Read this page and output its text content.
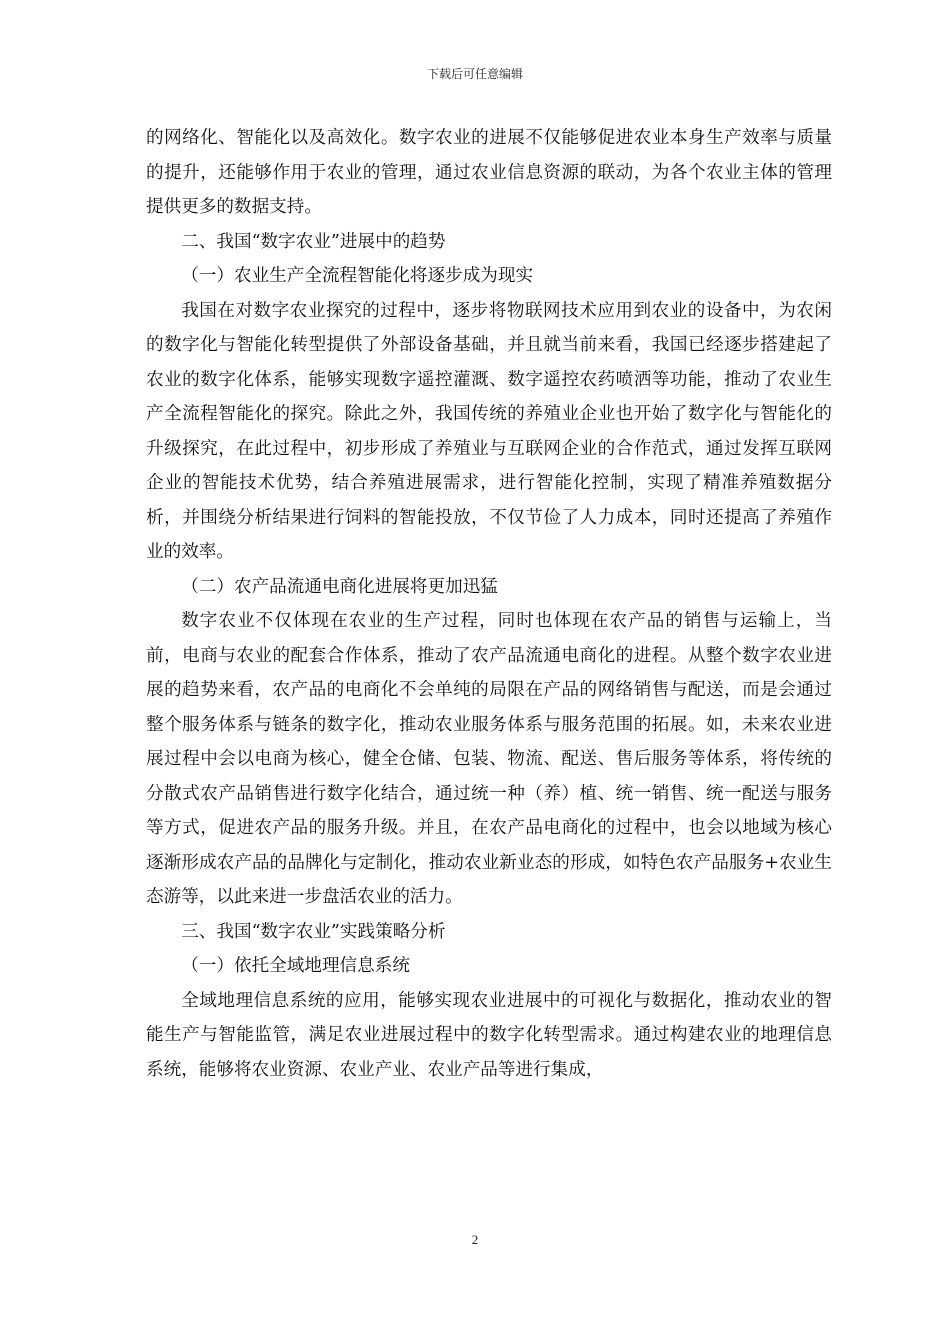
下载后可任意编辑

的网络化、智能化以及高效化。数字农业的进展不仅能够促进农业本身生产效率与质量的提升，还能够作用于农业的管理，通过农业信息资源的联动，为各个农业主体的管理提供更多的数据支持。

二、我国“数字农业”进展中的趋势

（一）农业生产全流程智能化将逐步成为现实

我国在对数字农业探究的过程中，逐步将物联网技术应用到农业的设备中，为农闲的数字化与智能化转型提供了外部设备基础，并且就当前来看，我国已经逐步搭建起了农业的数字化体系，能够实现数字遥控灌溉、数字遥控农药喷洒等功能，推动了农业生产全流程智能化的探究。除此之外，我国传统的养殖业企业也开始了数字化与智能化的升级探究，在此过程中，初步形成了养殖业与互联网企业的合作范式，通过发挥互联网企业的智能技术优势，结合养殖进展需求，进行智能化控制，实现了精准养殖数据分析，并围绕分析结果进行饲料的智能投放，不仅节俭了人力成本，同时还提高了养殖作业的效率。

（二）农产品流通电商化进展将更加迅猛

数字农业不仅体现在农业的生产过程，同时也体现在农产品的销售与运输上，当前，电商与农业的配套合作体系，推动了农产品流通电商化的进程。从整个数字农业进展的趋势来看，农产品的电商化不会单纯的局限在产品的网络销售与配送，而是会通过整个服务体系与链条的数字化，推动农业服务体系与服务范围的拓展。如，未来农业进展过程中会以电商为核心，健全仓储、包装、物流、配送、售后服务等体系，将传统的分散式农产品销售进行数字化结合，通过统一种（养）植、统一销售、统一配送与服务等方式，促进农产品的服务升级。并且，在农产品电商化的过程中，也会以地域为核心逐渐形成农产品的品牌化与定制化，推动农业新业态的形成，如特色农产品服务+农业生态游等，以此来进一步盘活农业的活力。

三、我国“数字农业”实践策略分析

（一）依托全域地理信息系统

全域地理信息系统的应用，能够实现农业进展中的可视化与数据化，推动农业的智能生产与智能监管，满足农业进展过程中的数字化转型需求。通过构建农业的地理信息系统，能够将农业资源、农业产业、农业产品等进行集成，

2
